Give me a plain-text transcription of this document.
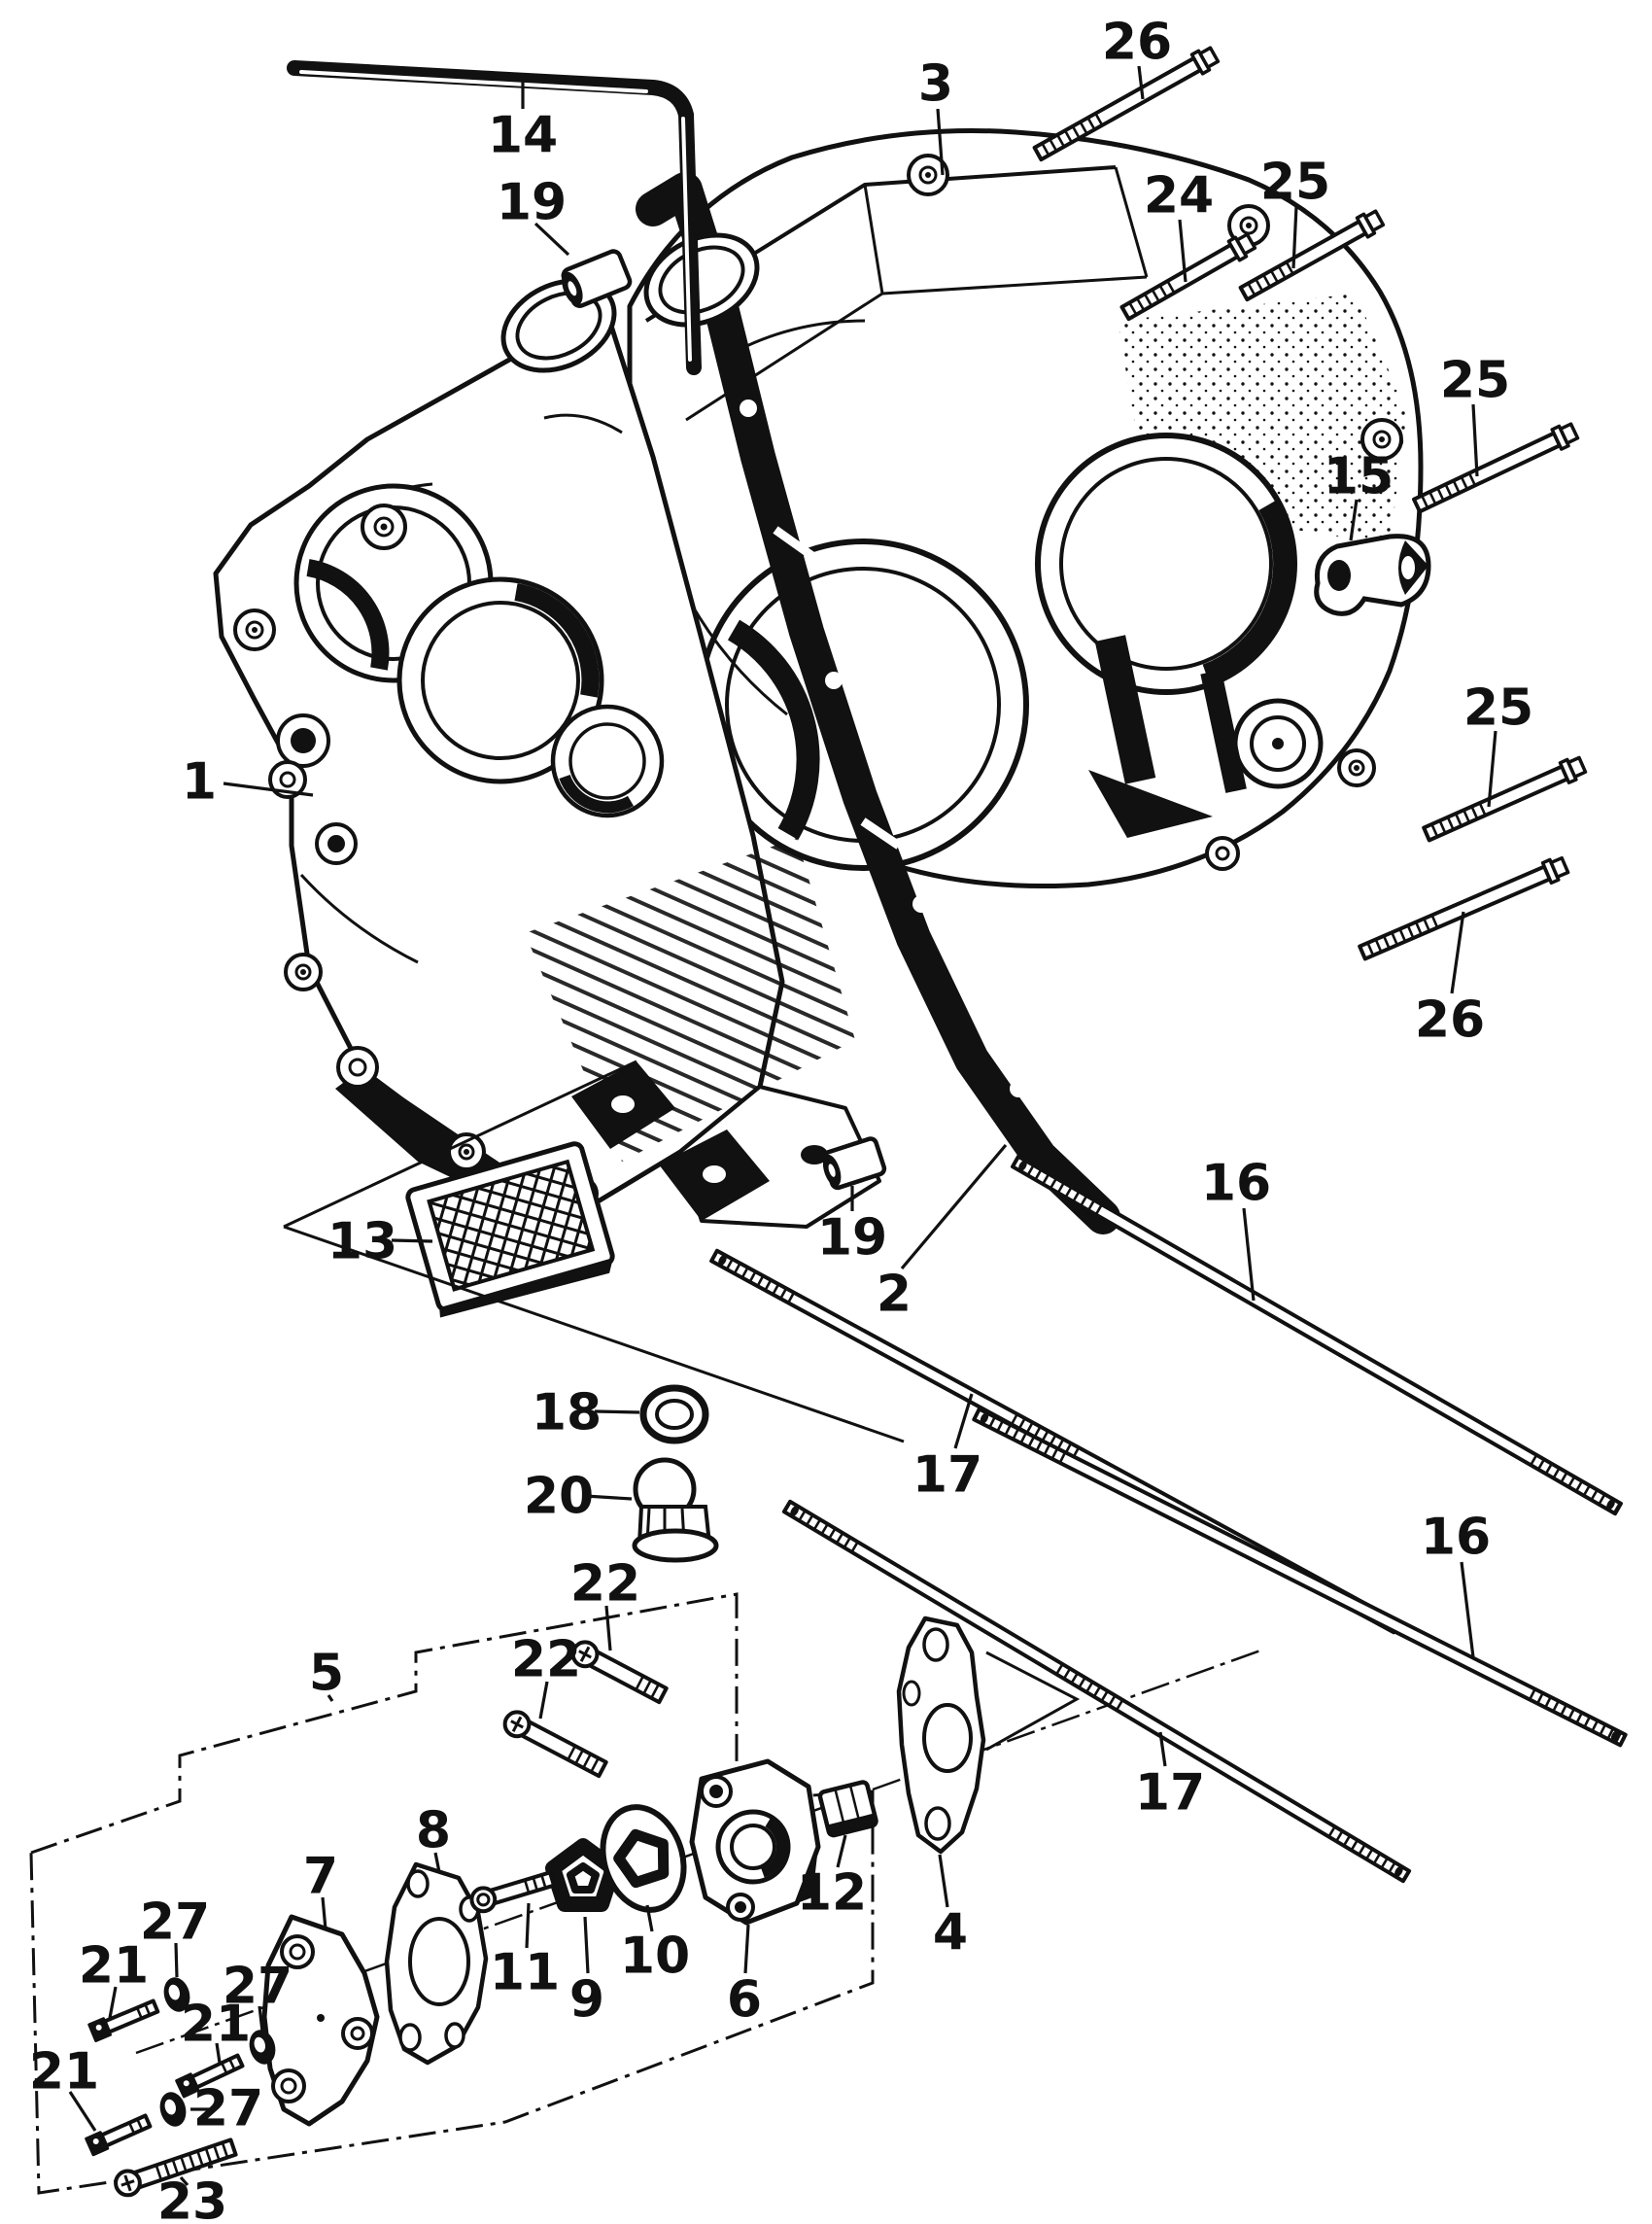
14
19
3
26
24 25
25
15
25
26
1
13	19
2
16
17
16
17
18
20
22
22
5
12
4
7
8
11 9
10
6
21
27
21
27
21
27
23
